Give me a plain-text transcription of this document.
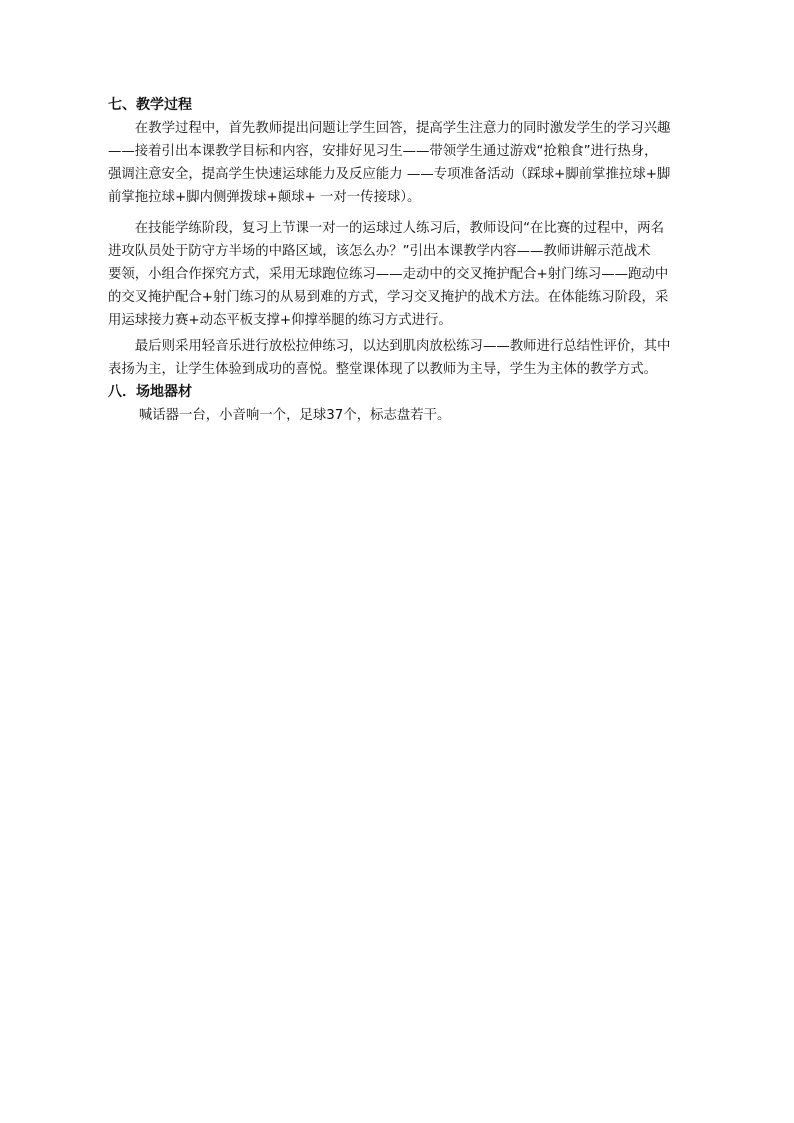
七、教学过程
在教学过程中，首先教师提出问题让学生回答，提高学生注意力的同时激发学生的学习兴趣
——接着引出本课教学目标和内容，安排好见习生——带领学生通过游戏“抢粮食”进行热身，
强调注意安全，提高学生快速运球能力及反应能力 ——专项准备活动（踩球+脚前掌推拉球+脚
前掌拖拉球+脚内侧弹拨球+颠球+ 一对一传接球）。
在技能学练阶段，复习上节课一对一的运球过人练习后，教师设问“在比赛的过程中，两名
进攻队员处于防守方半场的中路区域，该怎么办？”引出本课教学内容——教师讲解示范战术
要领，小组合作探究方式，采用无球跑位练习——走动中的交叉掩护配合+射门练习——跑动中
的交叉掩护配合+射门练习的从易到难的方式，学习交叉掩护的战术方法。在体能练习阶段，采
用运球接力赛+动态平板支撑+仰撑举腿的练习方式进行。
最后则采用轻音乐进行放松拉伸练习，以达到肌肉放松练习——教师进行总结性评价，其中
表扬为主，让学生体验到成功的喜悦。整堂课体现了以教师为主导，学生为主体的教学方式。
八．场地器材
喊话器一台，小音响一个，足球37个，标志盘若干。
